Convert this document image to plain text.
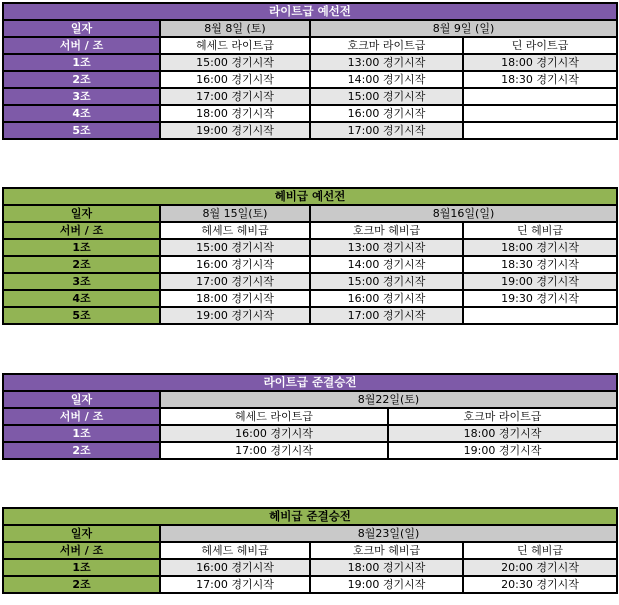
라이트급 예선전			
일자	8월 8일 (토)	8월 9일 (일)	
서버 / 조	헤세드 라이트급	호크마 라이트급	딘 라이트급
1조	15:00 경기시작	13:00 경기시작	18:00 경기시작
2조	16:00 경기시작	14:00 경기시작	18:30 경기시작
3조	17:00 경기시작	15:00 경기시작	
4조	18:00 경기시작	16:00 경기시작	
5조	19:00 경기시작	17:00 경기시작	
헤비급 예선전			
일자	8월 15일(토)	8월16일(일)	
서버 / 조	헤세드 헤비급	호크마 헤비급	딘 헤비급
1조	15:00 경기시작	13:00 경기시작	18:00 경기시작
2조	16:00 경기시작	14:00 경기시작	18:30 경기시작
3조	17:00 경기시작	15:00 경기시작	19:00 경기시작
4조	18:00 경기시작	16:00 경기시작	19:30 경기시작
5조	19:00 경기시작	17:00 경기시작	
라이트급 준결승전		
일자	8월22일(토)	
서버 / 조	헤세드 라이트급	호크마 라이트급
1조	16:00 경기시작	18:00 경기시작
2조	17:00 경기시작	19:00 경기시작
헤비급 준결승전			
일자	8월23일(일)		
서버 / 조	헤세드 헤비급	호크마 헤비급	딘 헤비급
1조	16:00 경기시작	18:00 경기시작	20:00 경기시작
2조	17:00 경기시작	19:00 경기시작	20:30 경기시작
